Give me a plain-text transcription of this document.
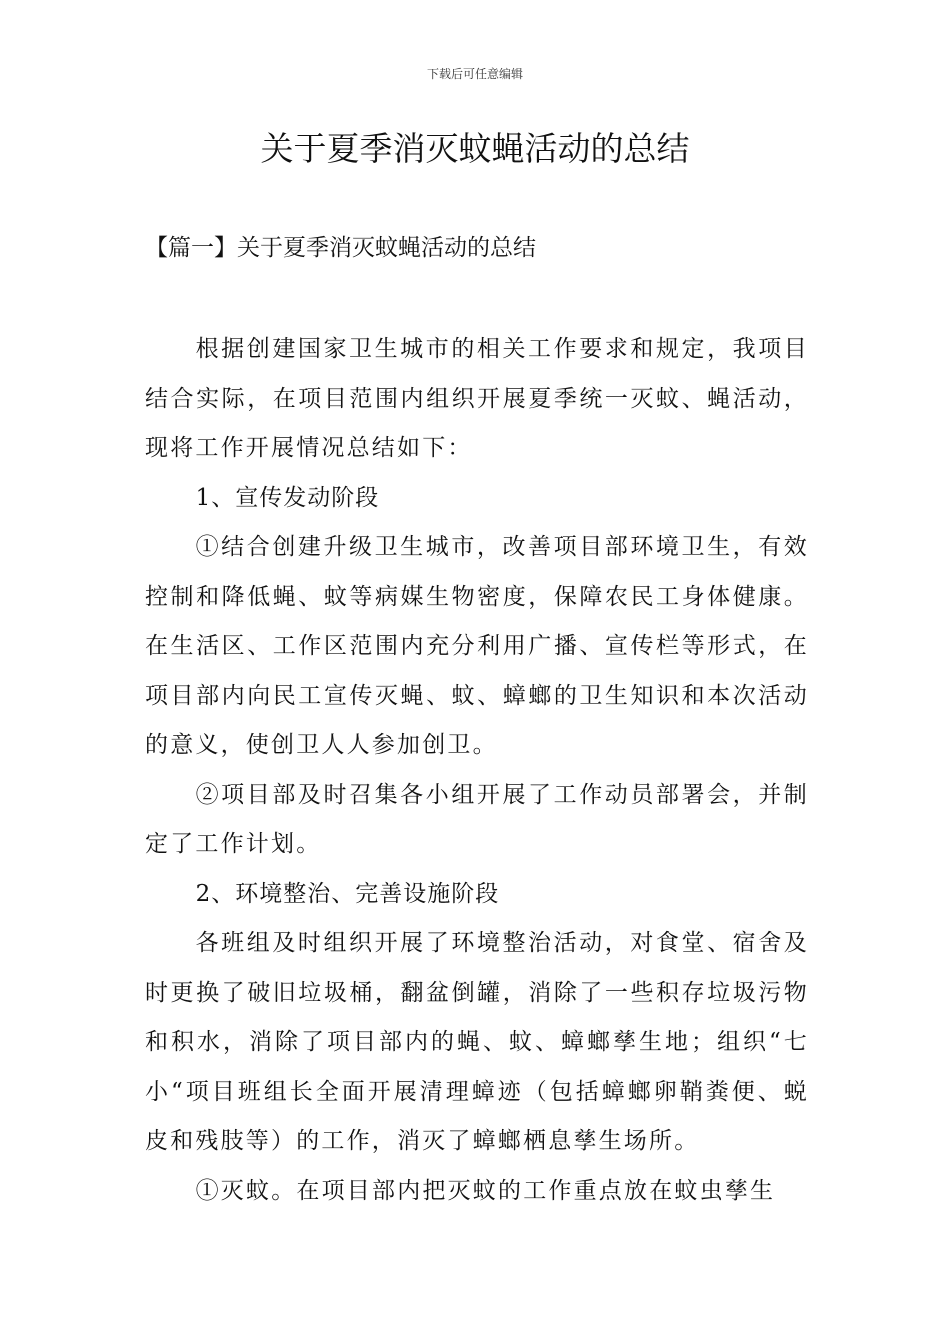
下载后可任意编辑
关于夏季消灭蚊蝇活动的总结
【篇一】关于夏季消灭蚊蝇活动的总结

根据创建国家卫生城市的相关工作要求和规定，我项目结合实际，在项目范围内组织开展夏季统一灭蚊、蝇活动，现将工作开展情况总结如下：

1、宣传发动阶段

①结合创建升级卫生城市，改善项目部环境卫生，有效控制和降低蝇、蚊等病媒生物密度，保障农民工身体健康。在生活区、工作区范围内充分利用广播、宣传栏等形式，在项目部内向民工宣传灭蝇、蚊、蟑螂的卫生知识和本次活动的意义，使创卫人人参加创卫。

②项目部及时召集各小组开展了工作动员部署会，并制定了工作计划。

2、环境整治、完善设施阶段

各班组及时组织开展了环境整治活动，对食堂、宿舍及时更换了破旧垃圾桶，翻盆倒罐，消除了一些积存垃圾污物和积水，消除了项目部内的蝇、蚊、蟑螂孳生地；组织“七小“项目班组长全面开展清理蟑迹（包括蟑螂卵鞘粪便、蜕皮和残肢等）的工作，消灭了蟑螂栖息孳生场所。

①灭蚊。在项目部内把灭蚊的工作重点放在蚊虫孳生
